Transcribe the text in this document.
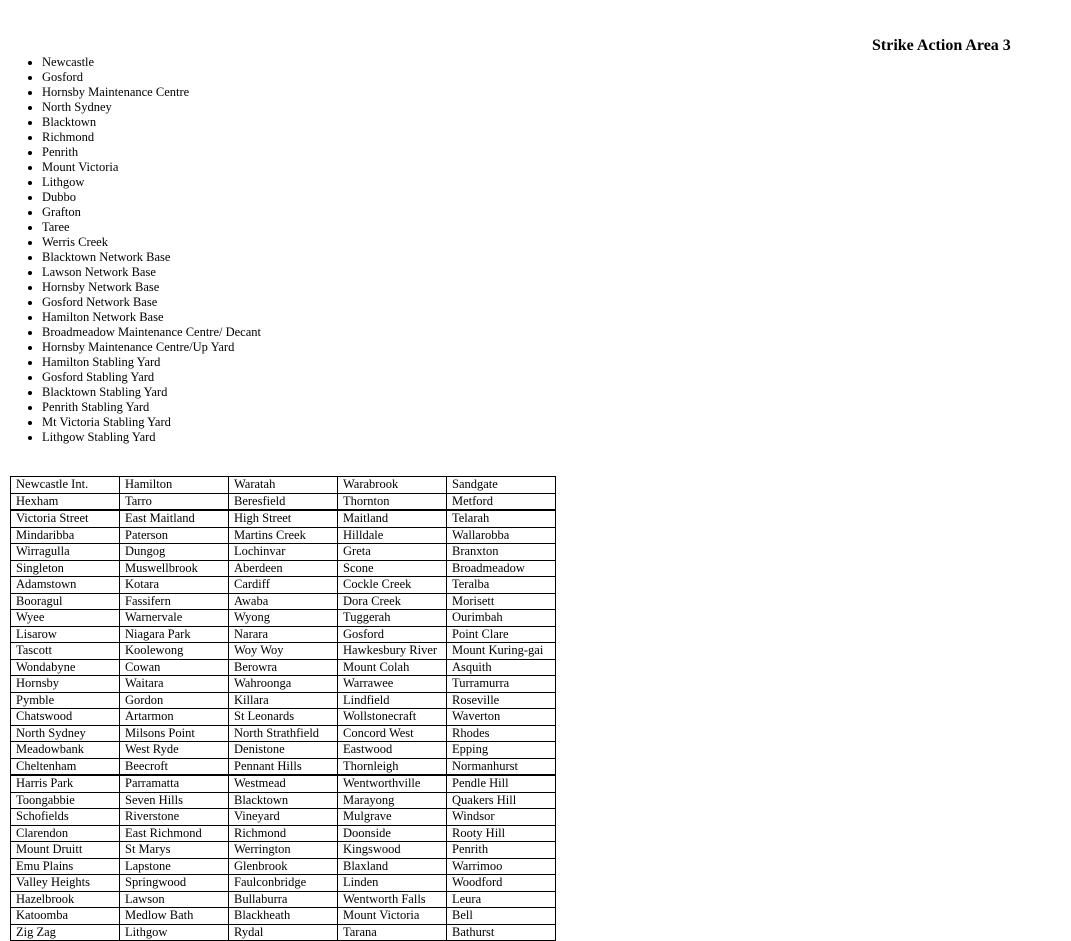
Strike Action Area 3
• Newcastle
• Gosford
• Hornsby Maintenance Centre
• North Sydney
• Blacktown
• Richmond
• Penrith
• Mount Victoria
• Lithgow
• Dubbo
• Grafton
• Taree
• Werris Creek
• Blacktown Network Base
• Lawson Network Base
• Hornsby Network Base
• Gosford Network Base
• Hamilton Network Base
• Broadmeadow Maintenance Centre/ Decant
• Hornsby Maintenance Centre/Up Yard
• Hamilton Stabling Yard
• Gosford Stabling Yard
• Blacktown Stabling Yard
• Penrith Stabling Yard
• Mt Victoria Stabling Yard
• Lithgow Stabling Yard
Newcastle Int.	Hamilton	Waratah	Warabrook	Sandgate
Hexham	Tarro	Beresfield	Thornton	Metford
Victoria Street	East Maitland	High Street	Maitland	Telarah
Mindaribba	Paterson	Martins Creek	Hilldale	Wallarobba
Wirragulla	Dungog	Lochinvar	Greta	Branxton
Singleton	Muswellbrook	Aberdeen	Scone	Broadmeadow
Adamstown	Kotara	Cardiff	Cockle Creek	Teralba
Booragul	Fassifern	Awaba	Dora Creek	Morisett
Wyee	Warnervale	Wyong	Tuggerah	Ourimbah
Lisarow	Niagara Park	Narara	Gosford	Point Clare
Tascott	Koolewong	Woy Woy	Hawkesbury River	Mount Kuring-gai
Wondabyne	Cowan	Berowra	Mount Colah	Asquith
Hornsby	Waitara	Wahroonga	Warrawee	Turramurra
Pymble	Gordon	Killara	Lindfield	Roseville
Chatswood	Artarmon	St Leonards	Wollstonecraft	Waverton
North Sydney	Milsons Point	North Strathfield	Concord West	Rhodes
Meadowbank	West Ryde	Denistone	Eastwood	Epping
Cheltenham	Beecroft	Pennant Hills	Thornleigh	Normanhurst
Harris Park	Parramatta	Westmead	Wentworthville	Pendle Hill
Toongabbie	Seven Hills	Blacktown	Marayong	Quakers Hill
Schofields	Riverstone	Vineyard	Mulgrave	Windsor
Clarendon	East Richmond	Richmond	Doonside	Rooty Hill
Mount Druitt	St Marys	Werrington	Kingswood	Penrith
Emu Plains	Lapstone	Glenbrook	Blaxland	Warrimoo
Valley Heights	Springwood	Faulconbridge	Linden	Woodford
Hazelbrook	Lawson	Bullaburra	Wentworth Falls	Leura
Katoomba	Medlow Bath	Blackheath	Mount Victoria	Bell
Zig Zag	Lithgow	Rydal	Tarana	Bathurst
